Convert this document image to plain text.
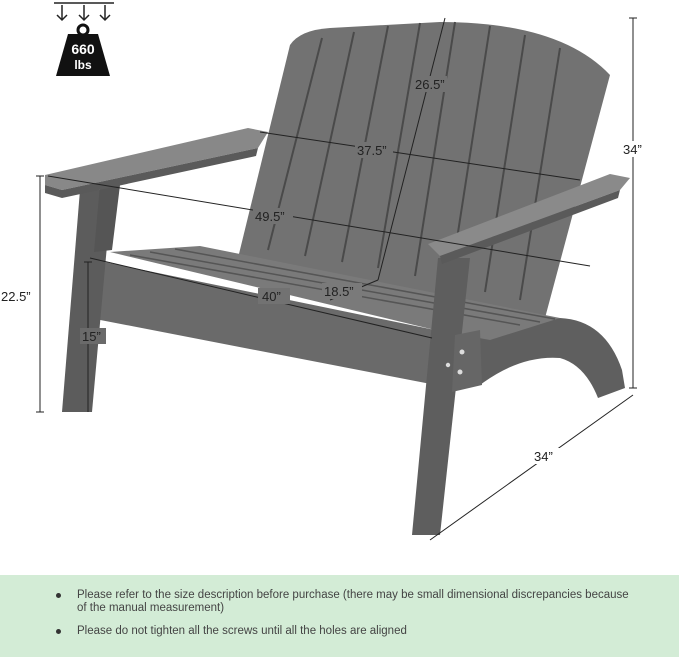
660
lbs
34”
26.5”
37.5”
49.5”
22.5”	40”	18.5”
15”
34”
Please refer to the size description before purchase (there may be small dimensional discrepancies because of the manual measurement)
Please do not tighten all the screws until all the holes are aligned
